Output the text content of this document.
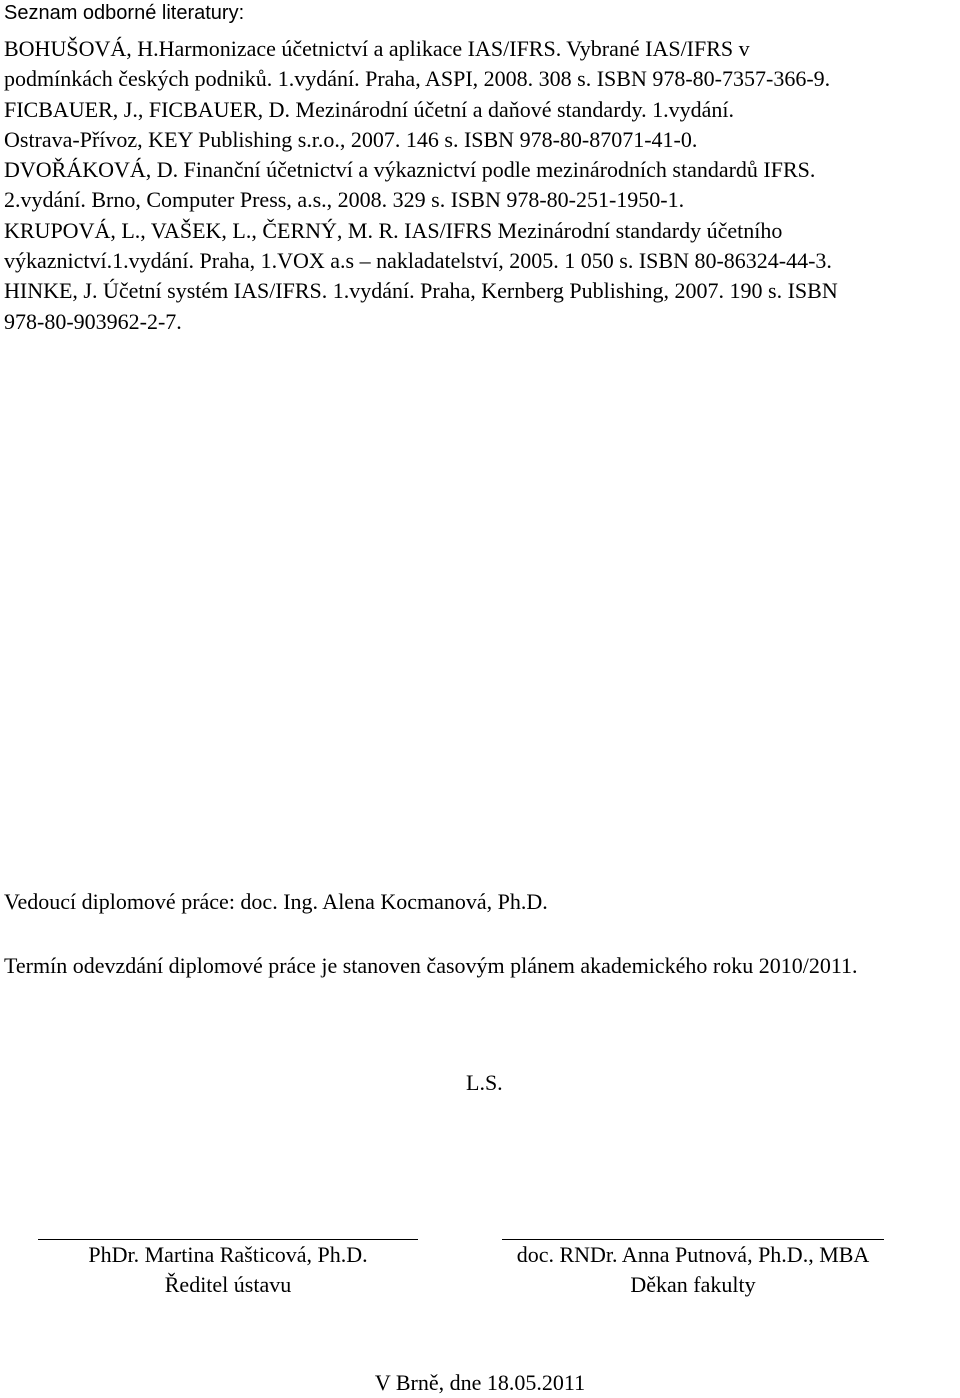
Seznam odborné literatury:
BOHUŠOVÁ, H.Harmonizace účetnictví a aplikace IAS/IFRS. Vybrané IAS/IFRS v
podmínkách českých podniků. 1.vydání. Praha, ASPI, 2008. 308 s. ISBN 978-80-7357-366-9.
FICBAUER, J., FICBAUER, D. Mezinárodní účetní a daňové standardy. 1.vydání.
Ostrava-Přívoz, KEY Publishing s.r.o., 2007. 146 s. ISBN 978-80-87071-41-0.
DVOŘÁKOVÁ, D. Finanční účetnictví a výkaznictví podle mezinárodních standardů IFRS.
2.vydání. Brno, Computer Press, a.s., 2008. 329 s. ISBN 978-80-251-1950-1.
KRUPOVÁ, L., VAŠEK, L., ČERNÝ, M. R. IAS/IFRS Mezinárodní standardy účetního
výkaznictví.1.vydání. Praha, 1.VOX a.s – nakladatelství, 2005. 1 050 s. ISBN 80-86324-44-3.
HINKE, J. Účetní systém IAS/IFRS. 1.vydání. Praha, Kernberg Publishing, 2007. 190 s. ISBN
978-80-903962-2-7.
Vedoucí diplomové práce: doc. Ing. Alena Kocmanová, Ph.D.
Termín odevzdání diplomové práce je stanoven časovým plánem akademického roku 2010/2011.
L.S.
PhDr. Martina Rašticová, Ph.D.
Ředitel ústavu
doc. RNDr. Anna Putnová, Ph.D., MBA
Děkan fakulty
V Brně, dne 18.05.2011
